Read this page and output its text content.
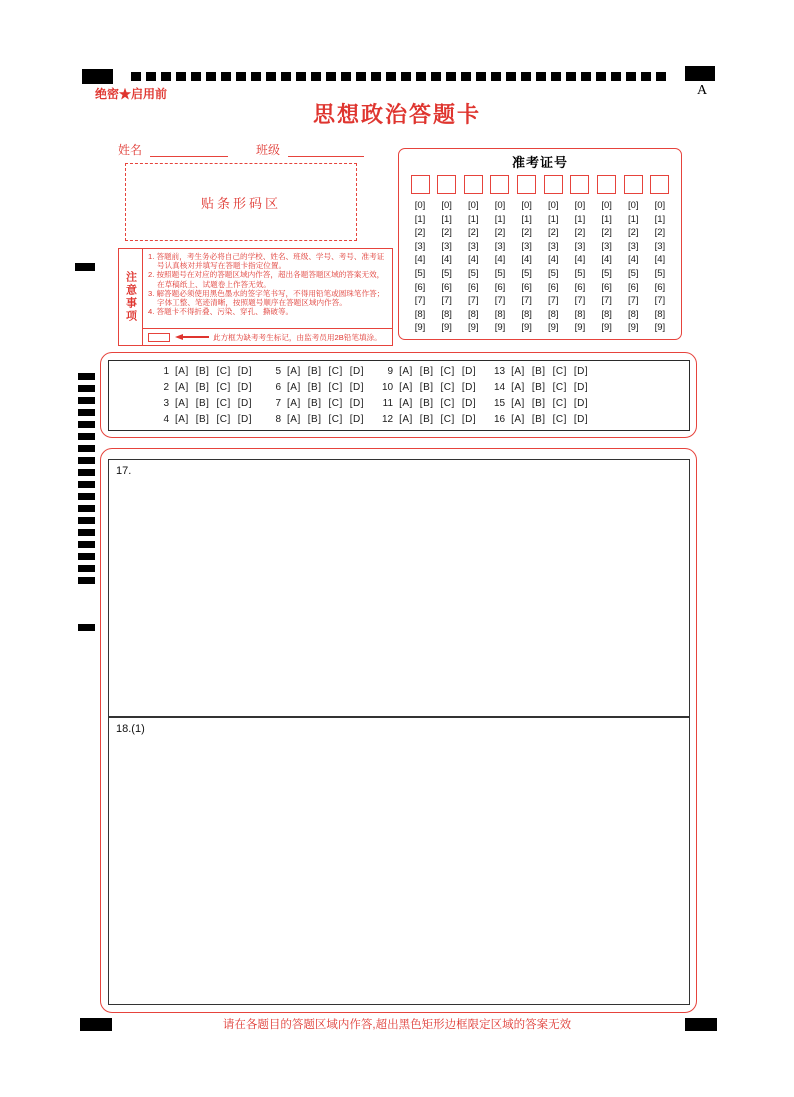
绝密★启用前	A
思想政治答题卡
姓名	班级
贴条形码区
注意事项
1. 答题前，考生务必将自己的学校、姓名、班级、学号、考号、准考证号认真核对并填写在答题卡指定位置。
2. 按照题号在对应的答题区域内作答，超出各题答题区域的答案无效，在草稿纸上、试题卷上作答无效。
3. 解答题必须使用黑色墨水的签字笔书写，不得用铅笔或圆珠笔作答；字体工整、笔迹清晰，按照题号顺序在答题区域内作答。
4. 答题卡不得折叠、污染、穿孔、撕破等。
此方框为缺考考生标记，由监考员用2B铅笔填涂。
准考证号
[0]
[1]
[2]
[3]
[4]
[5]
[6]
[7]
[8]
[9]
[0]
[1]
[2]
[3]
[4]
[5]
[6]
[7]
[8]
[9]
[0]
[1]
[2]
[3]
[4]
[5]
[6]
[7]
[8]
[9]
[0]
[1]
[2]
[3]
[4]
[5]
[6]
[7]
[8]
[9]
[0]
[1]
[2]
[3]
[4]
[5]
[6]
[7]
[8]
[9]
[0]
[1]
[2]
[3]
[4]
[5]
[6]
[7]
[8]
[9]
[0]
[1]
[2]
[3]
[4]
[5]
[6]
[7]
[8]
[9]
[0]
[1]
[2]
[3]
[4]
[5]
[6]
[7]
[8]
[9]
[0]
[1]
[2]
[3]
[4]
[5]
[6]
[7]
[8]
[9]
[0]
[1]
[2]
[3]
[4]
[5]
[6]
[7]
[8]
[9]
1 [A] [B] [C] [D]
2 [A] [B] [C] [D]
3 [A] [B] [C] [D]
4 [A] [B] [C] [D]
5 [A] [B] [C] [D]
6 [A] [B] [C] [D]
7 [A] [B] [C] [D]
8 [A] [B] [C] [D]
9 [A] [B] [C] [D]
10 [A] [B] [C] [D]
11 [A] [B] [C] [D]
12 [A] [B] [C] [D]
13 [A] [B] [C] [D]
14 [A] [B] [C] [D]
15 [A] [B] [C] [D]
16 [A] [B] [C] [D]
17.
18.(1)
请在各题目的答题区域内作答,超出黑色矩形边框限定区域的答案无效
